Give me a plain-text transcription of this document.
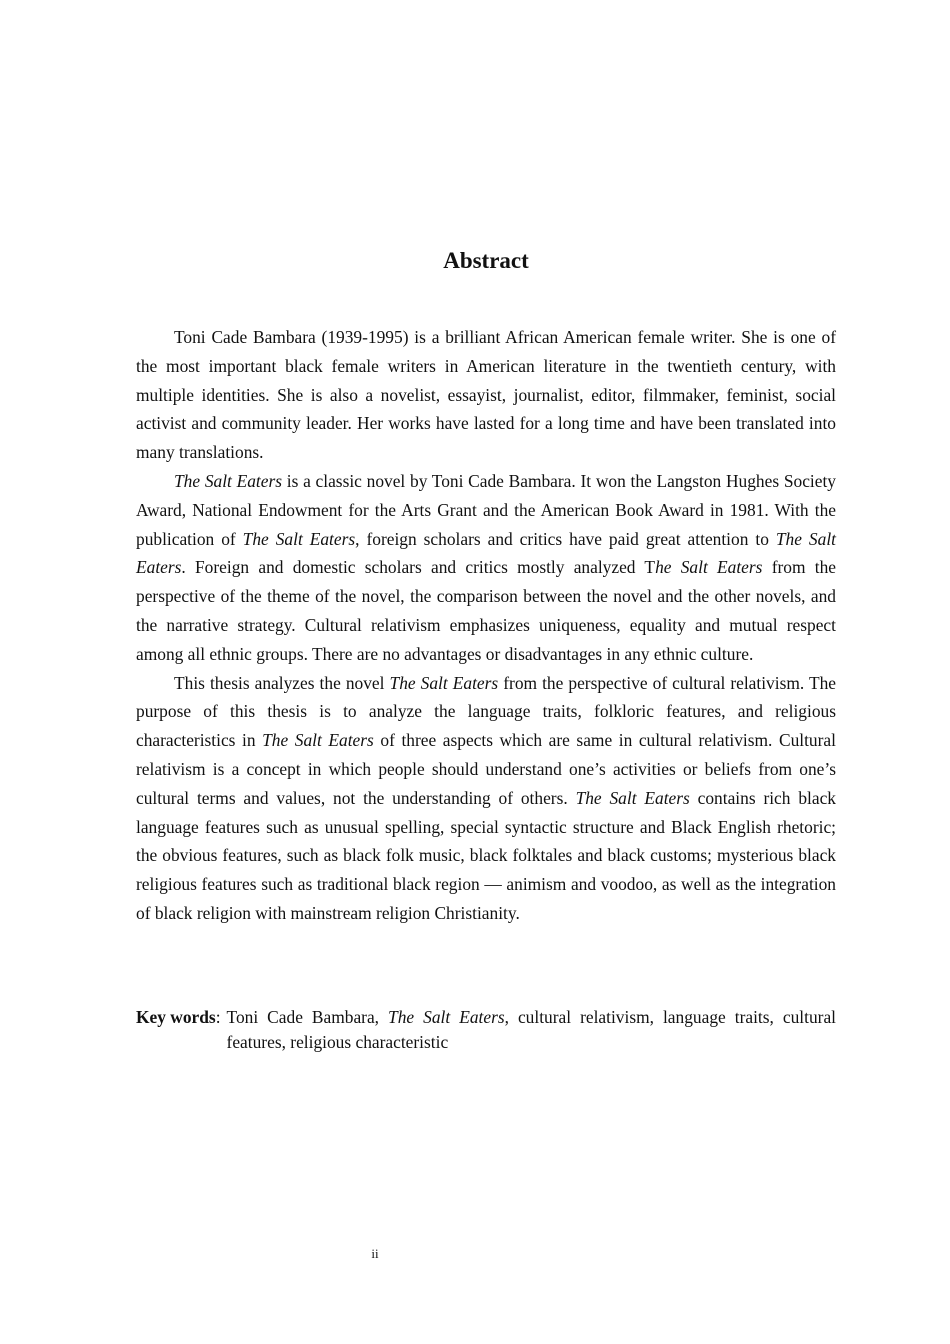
Abstract

Toni Cade Bambara (1939-1995) is a brilliant African American female writer. She is one of the most important black female writers in American literature in the twentieth century, with multiple identities. She is also a novelist, essayist, journalist, editor, filmmaker, feminist, social activist and community leader. Her works have lasted for a long time and have been translated into many translations.

The Salt Eaters is a classic novel by Toni Cade Bambara. It won the Langston Hughes Society Award, National Endowment for the Arts Grant and the American Book Award in 1981. With the publication of The Salt Eaters, foreign scholars and critics have paid great attention to The Salt Eaters. Foreign and domestic scholars and critics mostly analyzed The Salt Eaters from the perspective of the theme of the novel, the comparison between the novel and the other novels, and the narrative strategy. Cultural relativism emphasizes uniqueness, equality and mutual respect among all ethnic groups. There are no advantages or disadvantages in any ethnic culture.

This thesis analyzes the novel The Salt Eaters from the perspective of cultural relativism. The purpose of this thesis is to analyze the language traits, folkloric features, and religious characteristics in The Salt Eaters of three aspects which are same in cultural relativism. Cultural relativism is a concept in which people should understand one’s activities or beliefs from one’s cultural terms and values, not the understanding of others. The Salt Eaters contains rich black language features such as unusual spelling, special syntactic structure and Black English rhetoric; the obvious features, such as black folk music, black folktales and black customs; mysterious black religious features such as traditional black region — animism and voodoo, as well as the integration of black religion with mainstream religion Christianity.

Key words : Toni Cade Bambara, The Salt Eaters, cultural relativism, language traits, cultural features, religious characteristic
ii
